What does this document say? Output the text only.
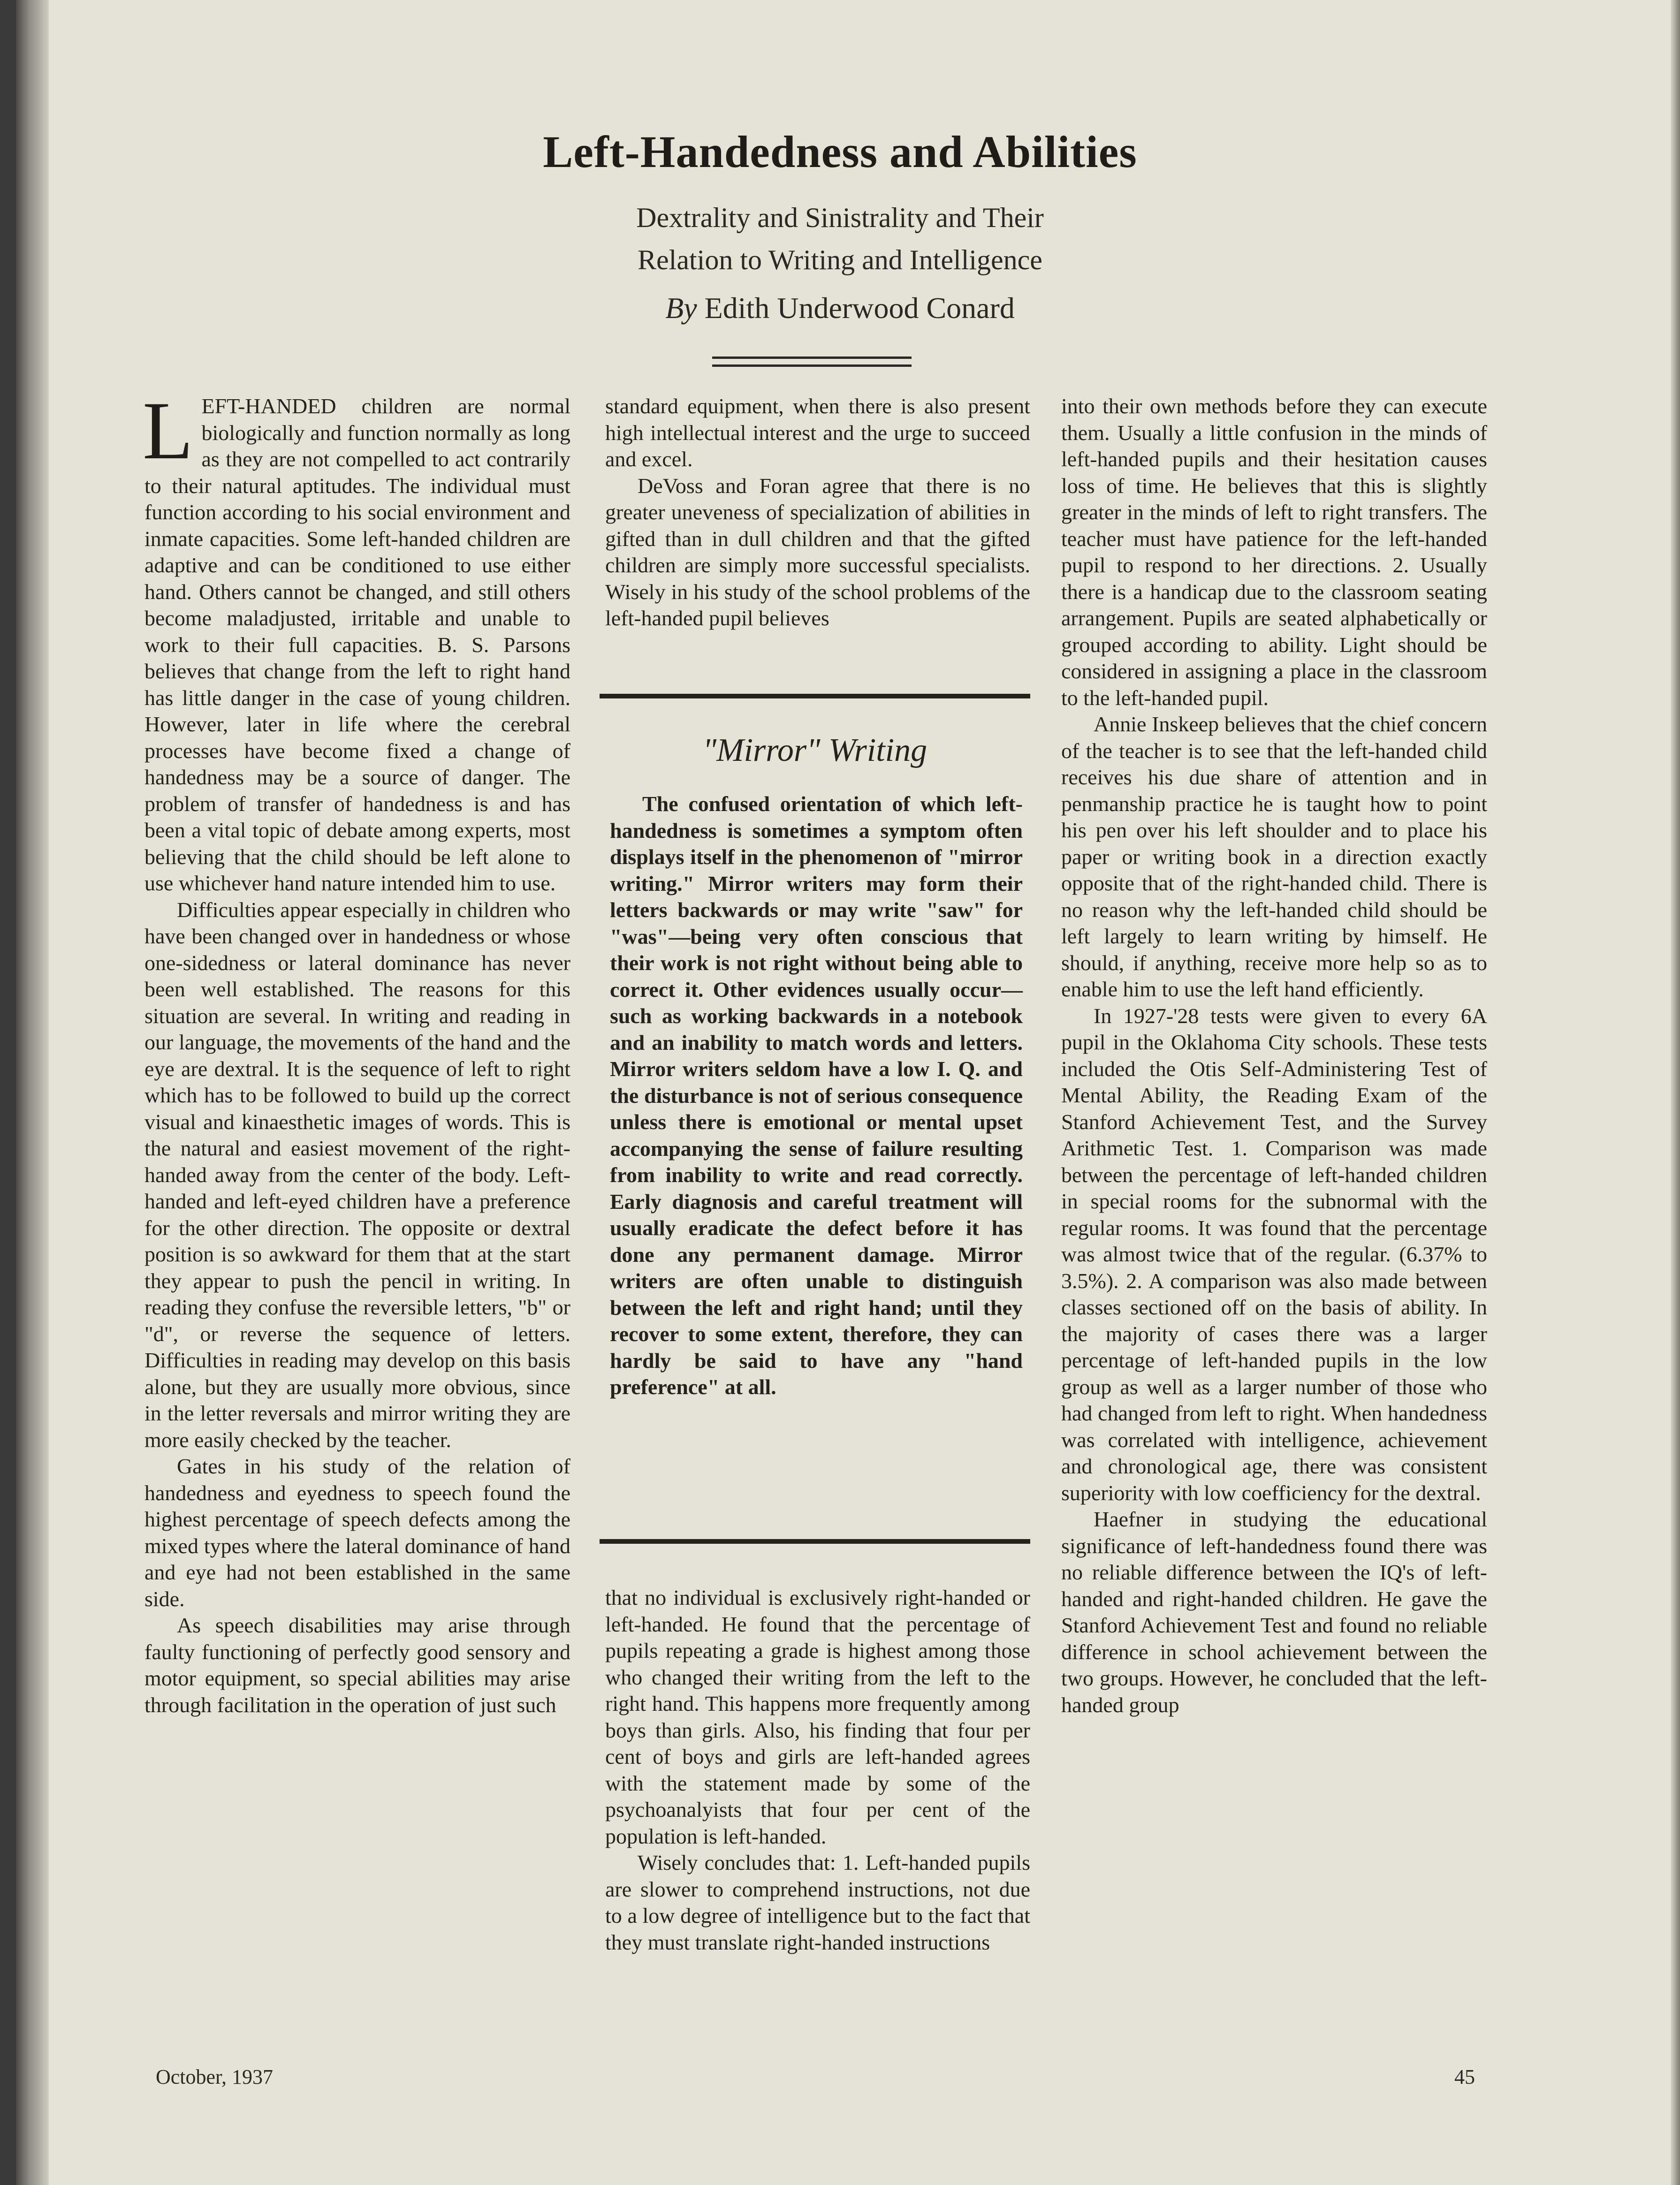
Left-Handedness and Abilities
Dextrality and Sinistrality and Their
Relation to Writing and Intelligence
By Edith Underwood Conard

LEFT-HANDED children are normal biologically and function normally as long as they are not compelled to act contrarily to their natural aptitudes. The individual must function according to his social environment and inmate capacities. Some left-handed children are adaptive and can be conditioned to use either hand. Others cannot be changed, and still others become maladjusted, irritable and unable to work to their full capacities. B. S. Parsons believes that change from the left to right hand has little danger in the case of young children. However, later in life where the cerebral processes have become fixed a change of handedness may be a source of danger. The problem of transfer of handedness is and has been a vital topic of debate among experts, most believing that the child should be left alone to use whichever hand nature intended him to use.

Difficulties appear especially in children who have been changed over in handedness or whose one-sidedness or lateral dominance has never been well established. The reasons for this situation are several. In writing and reading in our language, the movements of the hand and the eye are dextral. It is the sequence of left to right which has to be followed to build up the correct visual and kinaesthetic images of words. This is the natural and easiest movement of the right-handed away from the center of the body. Left-handed and left-eyed children have a preference for the other direction. The opposite or dextral position is so awkward for them that at the start they appear to push the pencil in writing. In reading they confuse the reversible letters, "b" or "d", or reverse the sequence of letters. Difficulties in reading may develop on this basis alone, but they are usually more obvious, since in the letter reversals and mirror writing they are more easily checked by the teacher.

Gates in his study of the relation of handedness and eyedness to speech found the highest percentage of speech defects among the mixed types where the lateral dominance of hand and eye had not been established in the same side.

As speech disabilities may arise through faulty functioning of perfectly good sensory and motor equipment, so special abilities may arise through facilitation in the operation of just such

standard equipment, when there is also present high intellectual interest and the urge to succeed and excel.

DeVoss and Foran agree that there is no greater uneveness of specialization of abilities in gifted than in dull children and that the gifted children are simply more successful specialists. Wisely in his study of the school problems of the left-handed pupil believes

"Mirror" Writing
The confused orientation of which left-handedness is sometimes a symptom often displays itself in the phenomenon of "mirror writing." Mirror writers may form their letters backwards or may write "saw" for "was"—being very often conscious that their work is not right without being able to correct it. Other evidences usually occur—such as working backwards in a notebook and an inability to match words and letters. Mirror writers seldom have a low I. Q. and the disturbance is not of serious consequence unless there is emotional or mental upset accompanying the sense of failure resulting from inability to write and read correctly. Early diagnosis and careful treatment will usually eradicate the defect before it has done any permanent damage. Mirror writers are often unable to distinguish between the left and right hand; until they recover to some extent, therefore, they can hardly be said to have any "hand preference" at all.

that no individual is exclusively right-handed or left-handed. He found that the percentage of pupils repeating a grade is highest among those who changed their writing from the left to the right hand. This happens more frequently among boys than girls. Also, his finding that four per cent of boys and girls are left-handed agrees with the statement made by some of the psychoanalyists that four per cent of the population is left-handed.

Wisely concludes that: 1. Left-handed pupils are slower to comprehend instructions, not due to a low degree of intelligence but to the fact that they must translate right-handed instructions

into their own methods before they can execute them. Usually a little confusion in the minds of left-handed pupils and their hesitation causes loss of time. He believes that this is slightly greater in the minds of left to right transfers. The teacher must have patience for the left-handed pupil to respond to her directions. 2. Usually there is a handicap due to the classroom seating arrangement. Pupils are seated alphabetically or grouped according to ability. Light should be considered in assigning a place in the classroom to the left-handed pupil.

Annie Inskeep believes that the chief concern of the teacher is to see that the left-handed child receives his due share of attention and in penmanship practice he is taught how to point his pen over his left shoulder and to place his paper or writing book in a direction exactly opposite that of the right-handed child. There is no reason why the left-handed child should be left largely to learn writing by himself. He should, if anything, receive more help so as to enable him to use the left hand efficiently.

In 1927-'28 tests were given to every 6A pupil in the Oklahoma City schools. These tests included the Otis Self-Administering Test of Mental Ability, the Reading Exam of the Stanford Achievement Test, and the Survey Arithmetic Test. 1. Comparison was made between the percentage of left-handed children in special rooms for the subnormal with the regular rooms. It was found that the percentage was almost twice that of the regular. (6.37% to 3.5%). 2. A comparison was also made between classes sectioned off on the basis of ability. In the majority of cases there was a larger percentage of left-handed pupils in the low group as well as a larger number of those who had changed from left to right. When handedness was correlated with intelligence, achievement and chronological age, there was consistent superiority with low coefficiency for the dextral.

Haefner in studying the educational significance of left-handedness found there was no reliable difference between the IQ's of left-handed and right-handed children. He gave the Stanford Achievement Test and found no reliable difference in school achievement between the two groups. However, he concluded that the left-handed group

October, 1937	45
